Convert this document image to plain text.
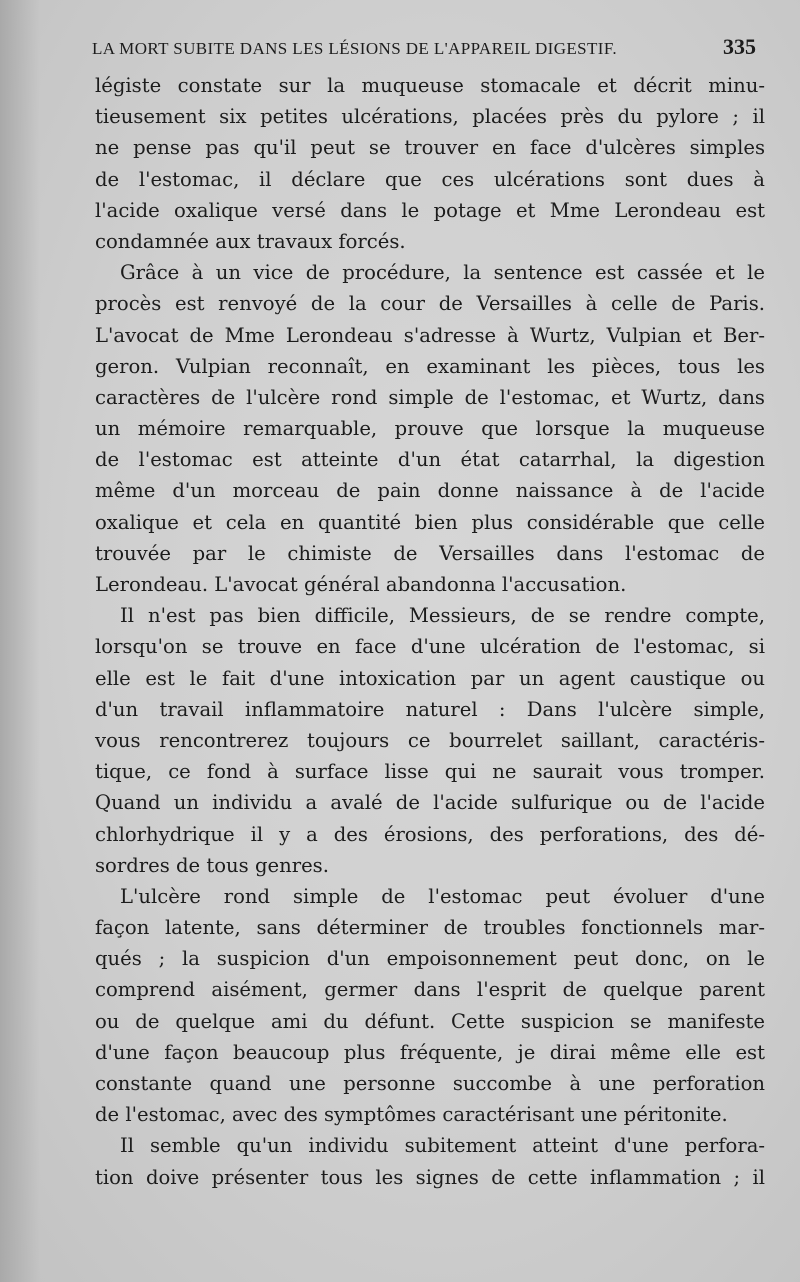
LA MORT SUBITE DANS LES LÉSIONS DE L'APPAREIL DIGESTIF.	335
légiste constate sur la muqueuse stomacale et décrit minu-
tieusement six petites ulcérations, placées près du pylore ; il
ne pense pas qu'il peut se trouver en face d'ulcères simples
de l'estomac, il déclare que ces ulcérations sont dues à
l'acide oxalique versé dans le potage et Mme Lerondeau est
condamnée aux travaux forcés.
Grâce à un vice de procédure, la sentence est cassée et le
procès est renvoyé de la cour de Versailles à celle de Paris.
L'avocat de Mme Lerondeau s'adresse à Wurtz, Vulpian et Ber-
geron. Vulpian reconnaît, en examinant les pièces, tous les
caractères de l'ulcère rond simple de l'estomac, et Wurtz, dans
un mémoire remarquable, prouve que lorsque la muqueuse
de l'estomac est atteinte d'un état catarrhal, la digestion
même d'un morceau de pain donne naissance à de l'acide
oxalique et cela en quantité bien plus considérable que celle
trouvée par le chimiste de Versailles dans l'estomac de
Lerondeau. L'avocat général abandonna l'accusation.
Il n'est pas bien difficile, Messieurs, de se rendre compte,
lorsqu'on se trouve en face d'une ulcération de l'estomac, si
elle est le fait d'une intoxication par un agent caustique ou
d'un travail inflammatoire naturel : Dans l'ulcère simple,
vous rencontrerez toujours ce bourrelet saillant, caractéris-
tique, ce fond à surface lisse qui ne saurait vous tromper.
Quand un individu a avalé de l'acide sulfurique ou de l'acide
chlorhydrique il y a des érosions, des perforations, des dé-
sordres de tous genres.
L'ulcère rond simple de l'estomac peut évoluer d'une
façon latente, sans déterminer de troubles fonctionnels mar-
qués ; la suspicion d'un empoisonnement peut donc, on le
comprend aisément, germer dans l'esprit de quelque parent
ou de quelque ami du défunt. Cette suspicion se manifeste
d'une façon beaucoup plus fréquente, je dirai même elle est
constante quand une personne succombe à une perforation
de l'estomac, avec des symptômes caractérisant une péritonite.
Il semble qu'un individu subitement atteint d'une perfora-
tion doive présenter tous les signes de cette inflammation ; il
